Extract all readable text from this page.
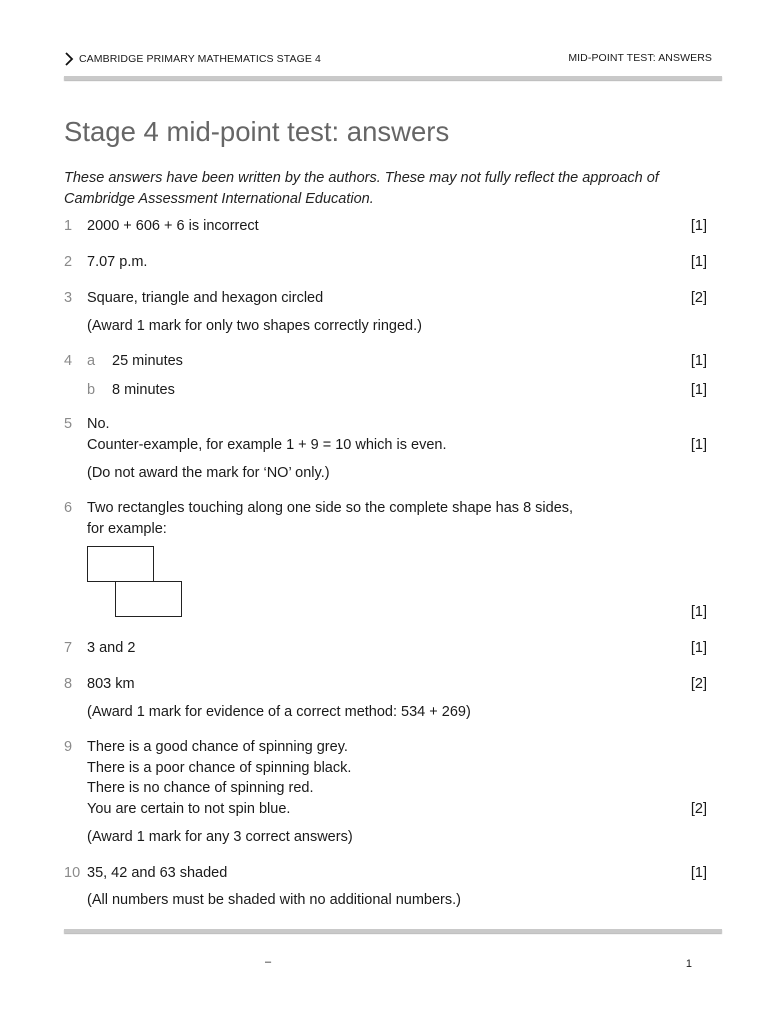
CAMBRIDGE PRIMARY MATHEMATICS STAGE 4	MID-POINT TEST: ANSWERS
Stage 4 mid-point test: answers
These answers have been written by the authors. These may not fully reflect the approach of Cambridge Assessment International Education.
1 2000 + 606 + 6 is incorrect	[1]
2 7.07 p.m.	[1]
3 Square, triangle and hexagon circled	[2]
(Award 1 mark for only two shapes correctly ringed.)
4 a 25 minutes	[1]
b 8 minutes	[1]
5 No.
Counter-example, for example 1 + 9 = 10 which is even.	[1]
(Do not award the mark for ‘NO’ only.)
6 Two rectangles touching along one side so the complete shape has 8 sides,
for example:
[1]
7 3 and 2	[1]
8 803 km	[2]
(Award 1 mark for evidence of a correct method: 534 + 269)
9 There is a good chance of spinning grey.
There is a poor chance of spinning black.
There is no chance of spinning red.
You are certain to not spin blue.	[2]
(Award 1 mark for any 3 correct answers)
10 35, 42 and 63 shaded	[1]
(All numbers must be shaded with no additional numbers.)
–	1
